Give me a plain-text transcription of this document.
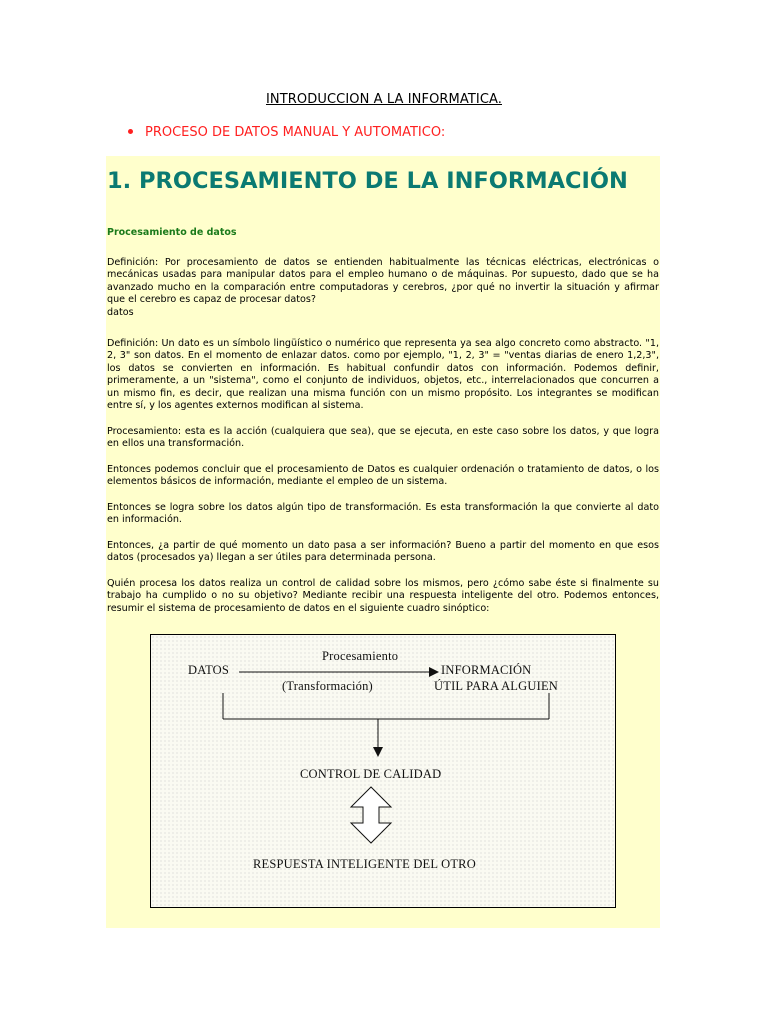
INTRODUCCION A LA INFORMATICA.
PROCESO DE DATOS MANUAL Y AUTOMATICO:
1. PROCESAMIENTO DE LA INFORMACIÓN
Procesamiento de datos

Definición: Por procesamiento de datos se entienden habitualmente las técnicas eléctricas, electrónicas o mecánicas usadas para manipular datos para el empleo humano o de máquinas. Por supuesto, dado que se ha avanzado mucho en la comparación entre computadoras y cerebros, ¿por qué no invertir la situación y afirmar que el cerebro es capaz de procesar datos?

datos

Definición: Un dato es un símbolo lingüístico o numérico que representa ya sea algo concreto como abstracto. "1, 2, 3" son datos. En el momento de enlazar datos. como por ejemplo, "1, 2, 3" = "ventas diarias de enero 1,2,3", los datos se convierten en información. Es habitual confundir datos con información. Podemos definir, primeramente, a un "sistema", como el conjunto de individuos, objetos, etc., interrelacionados que concurren a un mismo fin, es decir, que realizan una misma función con un mismo propósito. Los integrantes se modifican entre sí, y los agentes externos modifican al sistema.

Procesamiento: esta es la acción (cualquiera que sea), que se ejecuta, en este caso sobre los datos, y que logra en ellos una transformación.

Entonces podemos concluir que el procesamiento de Datos es cualquier ordenación o tratamiento de datos, o los elementos básicos de información, mediante el empleo de un sistema.

Entonces se logra sobre los datos algún tipo de transformación. Es esta transformación la que convierte al dato en información.

Entonces, ¿a partir de qué momento un dato pasa a ser información? Bueno a partir del momento en que esos datos (procesados ya) llegan a ser útiles para determinada persona.

Quién procesa los datos realiza un control de calidad sobre los mismos, pero ¿cómo sabe éste si finalmente su trabajo ha cumplido o no su objetivo? Mediante recibir una respuesta inteligente del otro. Podemos entonces, resumir el sistema de procesamiento de datos en el siguiente cuadro sinóptico:

DATOS
Procesamiento
(Transformación)
INFORMACIÓN
ÚTIL PARA ALGUIEN
CONTROL DE CALIDAD
RESPUESTA INTELIGENTE DEL OTRO
